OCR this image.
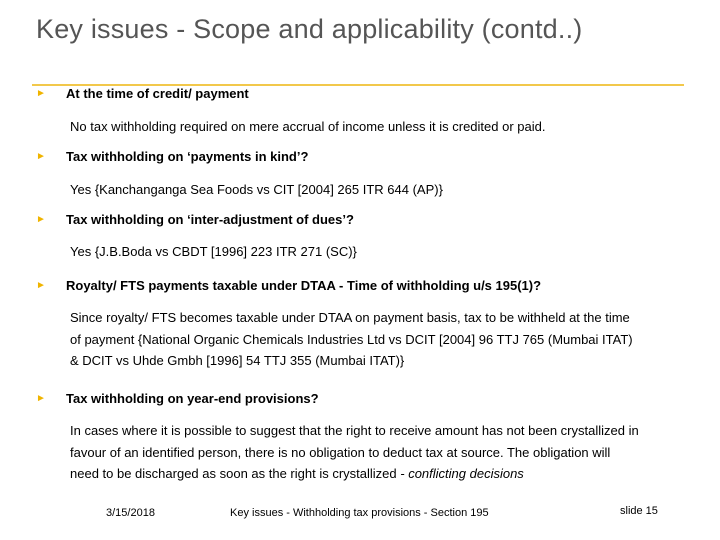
Key issues - Scope and applicability (contd..)
►	At the time of credit/ payment
No tax withholding required on mere accrual of income unless it is credited or paid.
►	Tax withholding on ‘payments in kind’?
Yes {Kanchanganga Sea Foods vs CIT [2004] 265 ITR 644 (AP)}
►	Tax withholding on ‘inter-adjustment of dues’?
Yes {J.B.Boda vs CBDT [1996] 223 ITR 271 (SC)}
►	Royalty/ FTS payments taxable under DTAA - Time of withholding u/s 195(1)?
Since royalty/ FTS becomes taxable under DTAA on payment basis, tax to be withheld at the time
of payment {National Organic Chemicals Industries Ltd vs DCIT [2004] 96 TTJ 765 (Mumbai ITAT)
& DCIT vs Uhde Gmbh [1996] 54 TTJ 355 (Mumbai ITAT)}
►	Tax withholding on year-end provisions?
In cases where it is possible to suggest that the right to receive amount has not been crystallized in
favour of an identified person, there is no obligation to deduct tax at source. The obligation will
need to be discharged as soon as the right is crystallized - conflicting decisions
3/15/2018	Key issues - Withholding tax provisions - Section 195	slide 15
